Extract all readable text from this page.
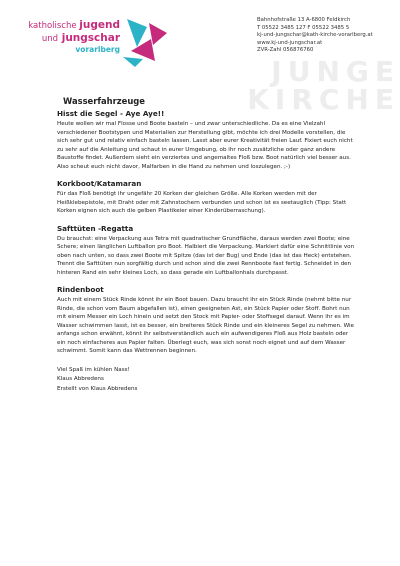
JUNGE KIRCHE
katholische jugend
und jungschar
vorarlberg
Bahnhofstraße 13 A-6800 Feldkirch
T 05522 3485 127 F 05522 3485 5
kj-und-jungschar@kath-kirche-vorarlberg.at
www.kj-und-jungschar.at
ZVR-Zahl 056876760
Wasserfahrzeuge
Hisst die Segel - Aye Aye!!

Heute wollen wir mal Flosse und Boote basteln – und zwar unterschiedliche. Da es eine Vielzahl verschiedener Bootstypen und Materialien zur Herstellung gibt, möchte ich drei Modelle vorstellen, die sich sehr gut und relativ einfach basteln lassen. Lasst aber eurer Kreativität freien Lauf. Fixiert euch nicht zu sehr auf die Anleitung und schaut in eurer Umgebung, ob ihr noch zusätzliche oder ganz andere Baustoffe findet. Außerdem sieht ein verziertes und angemaltes Floß bzw. Boot natürlich viel besser aus. Also scheut euch nicht davor, Malfarben in die Hand zu nehmen und loszulegen. ;-)

Korkboot/Katamaran

Für das Floß benötigt ihr ungefähr 20 Korken der gleichen Größe. Alle Korken werden mit der Heißklebepistole, mit Draht oder mit Zahnstochern verbunden und schon ist es seetauglich (Tipp: Statt Korken eignen sich auch die gelben Plastikeier einer Kinderüberraschung).

Safttüten -Regatta

Du brauchst: eine Verpackung aus Tetra mit quadratischer Grundfläche, daraus werden zwei Boote; eine Schere; einen länglichen Luftballon pro Boot. Halbiert die Verpackung. Markiert dafür eine Schnittlinie von oben nach unten, so dass zwei Boote mit Spitze (das ist der Bug) und Ende (das ist das Heck) entstehen. Trennt die Safttüten nun sorgfältig durch und schon sind die zwei Rennboote fast fertig. Schneidet in den hinteren Rand ein sehr kleines Loch, so dass gerade ein Luftballonhals durchpasst.

Rindenboot

Auch mit einem Stück Rinde könnt ihr ein Boot bauen. Dazu braucht ihr ein Stück Rinde (nehmt bitte nur Rinde, die schon vom Baum abgefallen ist), einen geeigneten Ast, ein Stück Papier oder Stoff. Bohrt nun mit einem Messer ein Loch hinein und setzt den Stock mit Papier- oder Stoffsegel darauf. Wenn ihr es im Wasser schwimmen lasst, ist es besser, ein breiteres Stück Rinde und ein kleineres Segel zu nehmen. Wie anfangs schon erwähnt, könnt ihr selbstverständlich auch ein aufwendigeres Floß aus Holz basteln oder ein noch einfacheres aus Papier falten. Überlegt euch, was sich sonst noch eignet und auf dem Wasser schwimmt. Somit kann das Wettrennen beginnen.

Viel Spaß im kühlen Nass!
Klaus Abbredens
Erstellt von Klaus Abbredens
